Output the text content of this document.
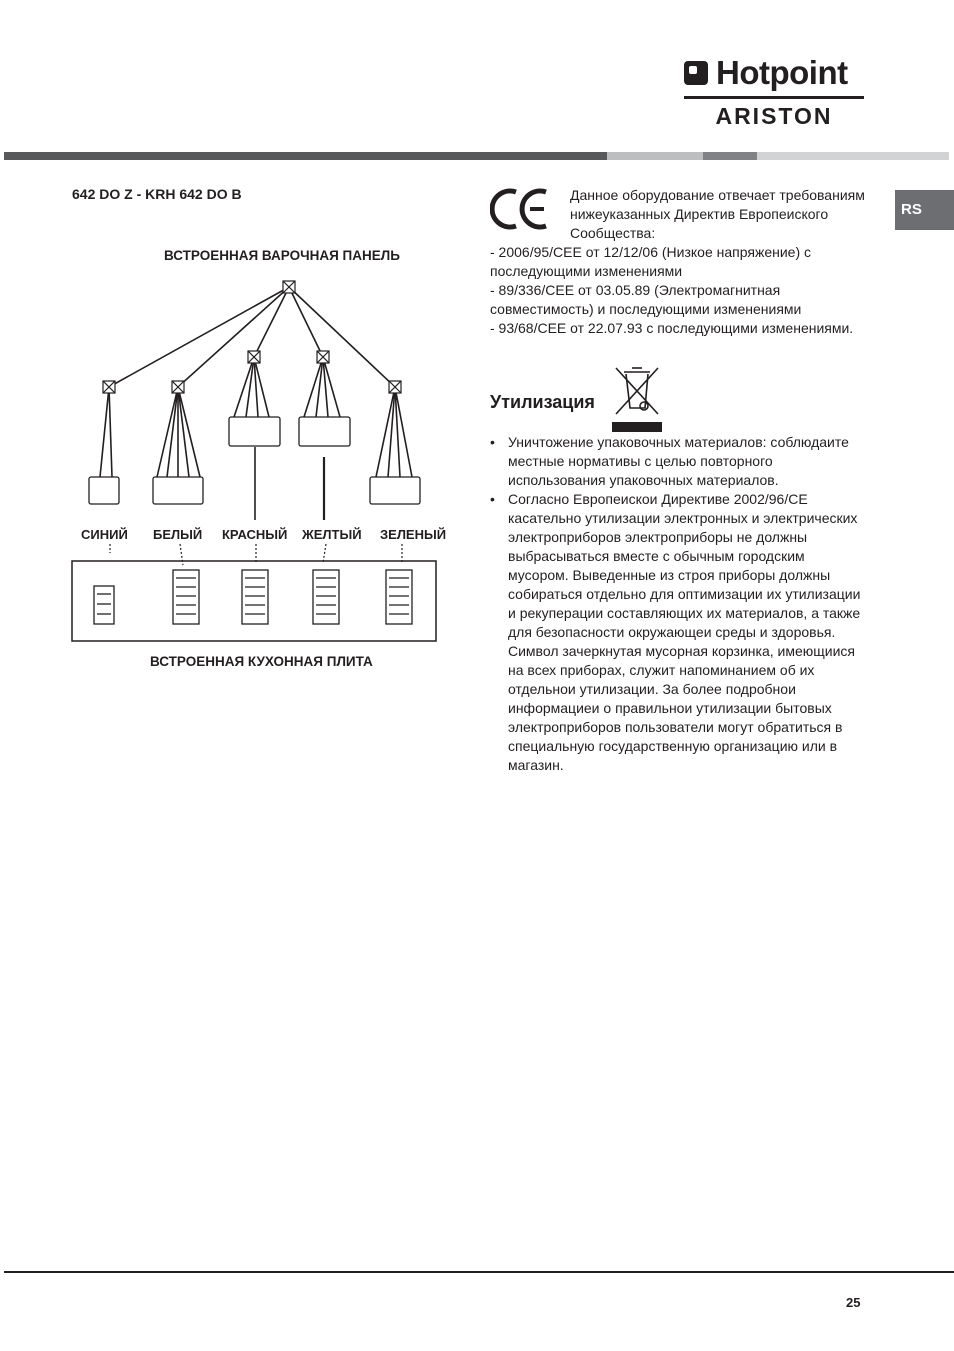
Hotpoint
ARISTON
RS
642 DO Z - KRH 642 DO B
ВСТРОЕННАЯ ВАРОЧНАЯ ПАНЕЛЬ
СИНИЙ БЕЛЫЙ КРАСНЫЙ ЖЕЛТЫЙ ЗЕЛЕНЫЙ
ВСТРОЕННАЯ КУХОННАЯ ПЛИТА
Данное оборудование отвечает требованиям нижеуказанных Директив Европеиского Сообщества:
- 2006/95/CEE от 12/12/06 (Низкое напряжение) с последующими изменениями
- 89/336/CEE от 03.05.89 (Электромагнитная совместимость) и последующими изменениями
- 93/68/CEE от 22.07.93 с последующими изменениями.
Утилизация
• Уничтожение упаковочных материалов: соблюдаите местные нормативы с целью повторного использования упаковочных материалов.
• Согласно Европеискои Директиве 2002/96/CE касательно утилизации электронных и электрических электроприборов электроприборы не должны выбрасываться вместе с обычным городским мусором. Выведенные из строя приборы должны собираться отдельно для оптимизации их утилизации и рекуперации составляющих их материалов, а также для безопасности окружающеи среды и здоровья. Символ зачеркнутая мусорная корзинка, имеющиися на всех приборах, служит напоминанием об их отдельнои утилизации. За более подробнои информациеи о правильнои утилизации бытовых электроприборов пользователи могут обратиться в специальную государственную организацию или в магазин.
25
